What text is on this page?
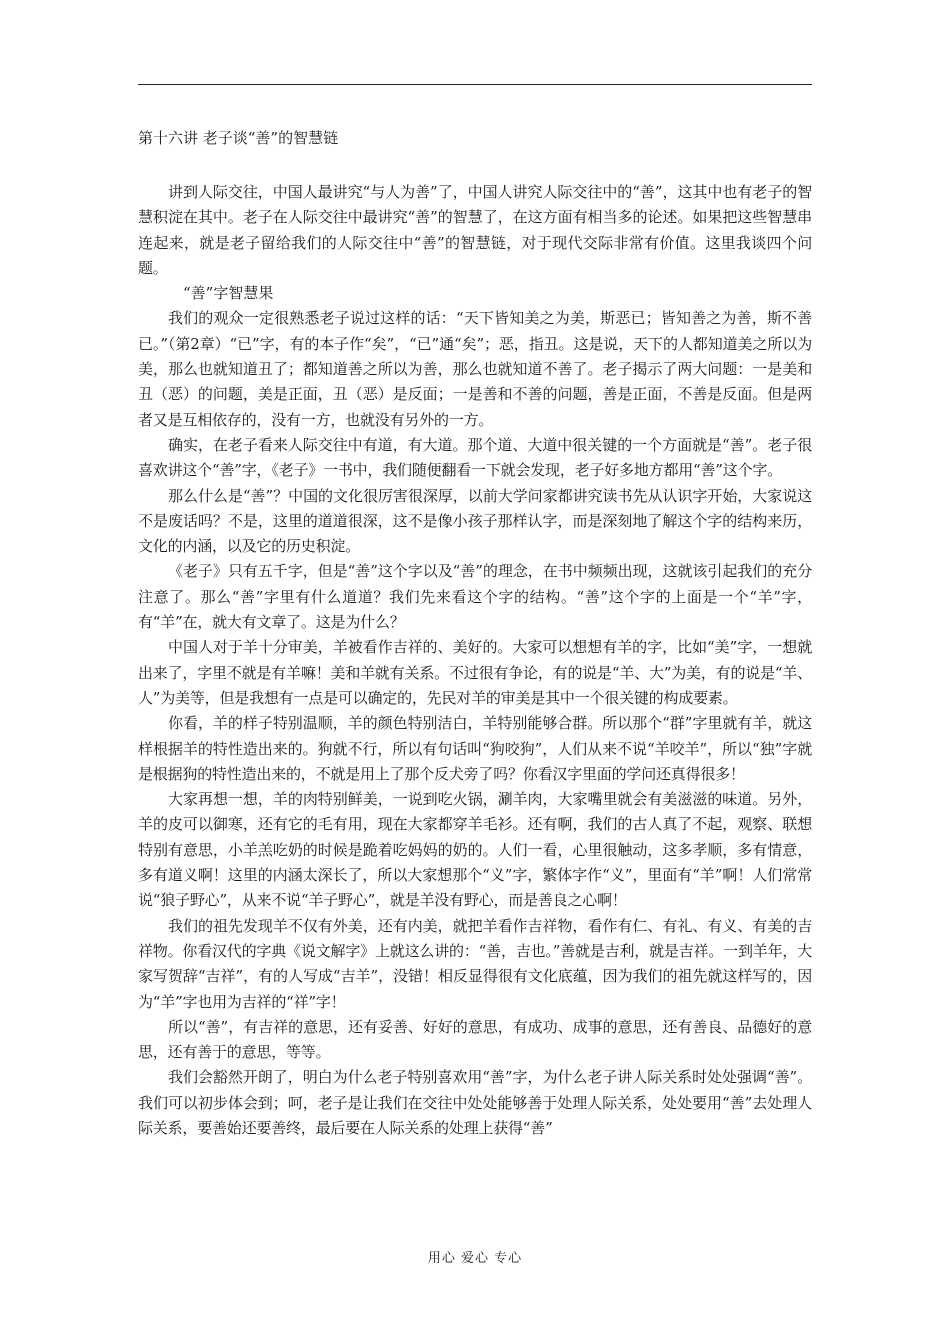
第十六讲 老子谈“善”的智慧链

讲到人际交往，中国人最讲究“与人为善”了，中国人讲究人际交往中的“善”，这其中也有老子的智慧积淀在其中。老子在人际交往中最讲究“善”的智慧了，在这方面有相当多的论述。如果把这些智慧串连起来，就是老子留给我们的人际交往中“善”的智慧链，对于现代交际非常有价值。这里我谈四个问题。

“善”字智慧果

我们的观众一定很熟悉老子说过这样的话：“天下皆知美之为美，斯恶已；皆知善之为善，斯不善已。”（第2章）“已”字，有的本子作“矣”，“已”通“矣”；恶，指丑。这是说，天下的人都知道美之所以为美，那么也就知道丑了；都知道善之所以为善，那么也就知道不善了。老子揭示了两大问题：一是美和丑（恶）的问题，美是正面，丑（恶）是反面；一是善和不善的问题，善是正面，不善是反面。但是两者又是互相依存的，没有一方，也就没有另外的一方。

确实，在老子看来人际交往中有道，有大道。那个道、大道中很关键的一个方面就是“善”。老子很喜欢讲这个“善”字，《老子》一书中，我们随便翻看一下就会发现，老子好多地方都用“善”这个字。

那么什么是“善”？中国的文化很厉害很深厚，以前大学问家都讲究读书先从认识字开始，大家说这不是废话吗？不是，这里的道道很深，这不是像小孩子那样认字，而是深刻地了解这个字的结构来历，文化的内涵，以及它的历史积淀。

《老子》只有五千字，但是“善”这个字以及“善”的理念，在书中频频出现，这就该引起我们的充分注意了。那么“善”字里有什么道道？我们先来看这个字的结构。“善”这个字的上面是一个“羊”字，有“羊”在，就大有文章了。这是为什么？

中国人对于羊十分审美，羊被看作吉祥的、美好的。大家可以想想有羊的字，比如“美”字，一想就出来了，字里不就是有羊嘛！美和羊就有关系。不过很有争论，有的说是“羊、大”为美，有的说是“羊、人”为美等，但是我想有一点是可以确定的，先民对羊的审美是其中一个很关键的构成要素。

你看，羊的样子特别温顺，羊的颜色特别洁白，羊特别能够合群。所以那个“群”字里就有羊，就这样根据羊的特性造出来的。狗就不行，所以有句话叫“狗咬狗”，人们从来不说“羊咬羊”，所以“独”字就是根据狗的特性造出来的，不就是用上了那个反犬旁了吗？你看汉字里面的学问还真得很多！

大家再想一想，羊的肉特别鲜美，一说到吃火锅，涮羊肉，大家嘴里就会有美滋滋的味道。另外，羊的皮可以御寒，还有它的毛有用，现在大家都穿羊毛衫。还有啊，我们的古人真了不起，观察、联想特别有意思，小羊羔吃奶的时候是跪着吃妈妈的奶的。人们一看，心里很触动，这多孝顺，多有情意，多有道义啊！这里的内涵太深长了，所以大家想那个“义”字，繁体字作“义”，里面有“羊”啊！人们常常说“狼子野心”，从来不说“羊子野心”，就是羊没有野心，而是善良之心啊！

我们的祖先发现羊不仅有外美，还有内美，就把羊看作吉祥物，看作有仁、有礼、有义、有美的吉祥物。你看汉代的字典《说文解字》上就这么讲的：“善，吉也。”善就是吉利，就是吉祥。一到羊年，大家写贺辞“吉祥”，有的人写成“吉羊”，没错！相反显得很有文化底蕴，因为我们的祖先就这样写的，因为“羊”字也用为吉祥的“祥”字！

所以“善”，有吉祥的意思，还有妥善、好好的意思，有成功、成事的意思，还有善良、品德好的意思，还有善于的意思，等等。

我们会豁然开朗了，明白为什么老子特别喜欢用“善”字，为什么老子讲人际关系时处处强调“善”。我们可以初步体会到；呵，老子是让我们在交往中处处能够善于处理人际关系，处处要用“善”去处理人际关系，要善始还要善终，最后要在人际关系的处理上获得“善”

用心 爱心 专心
